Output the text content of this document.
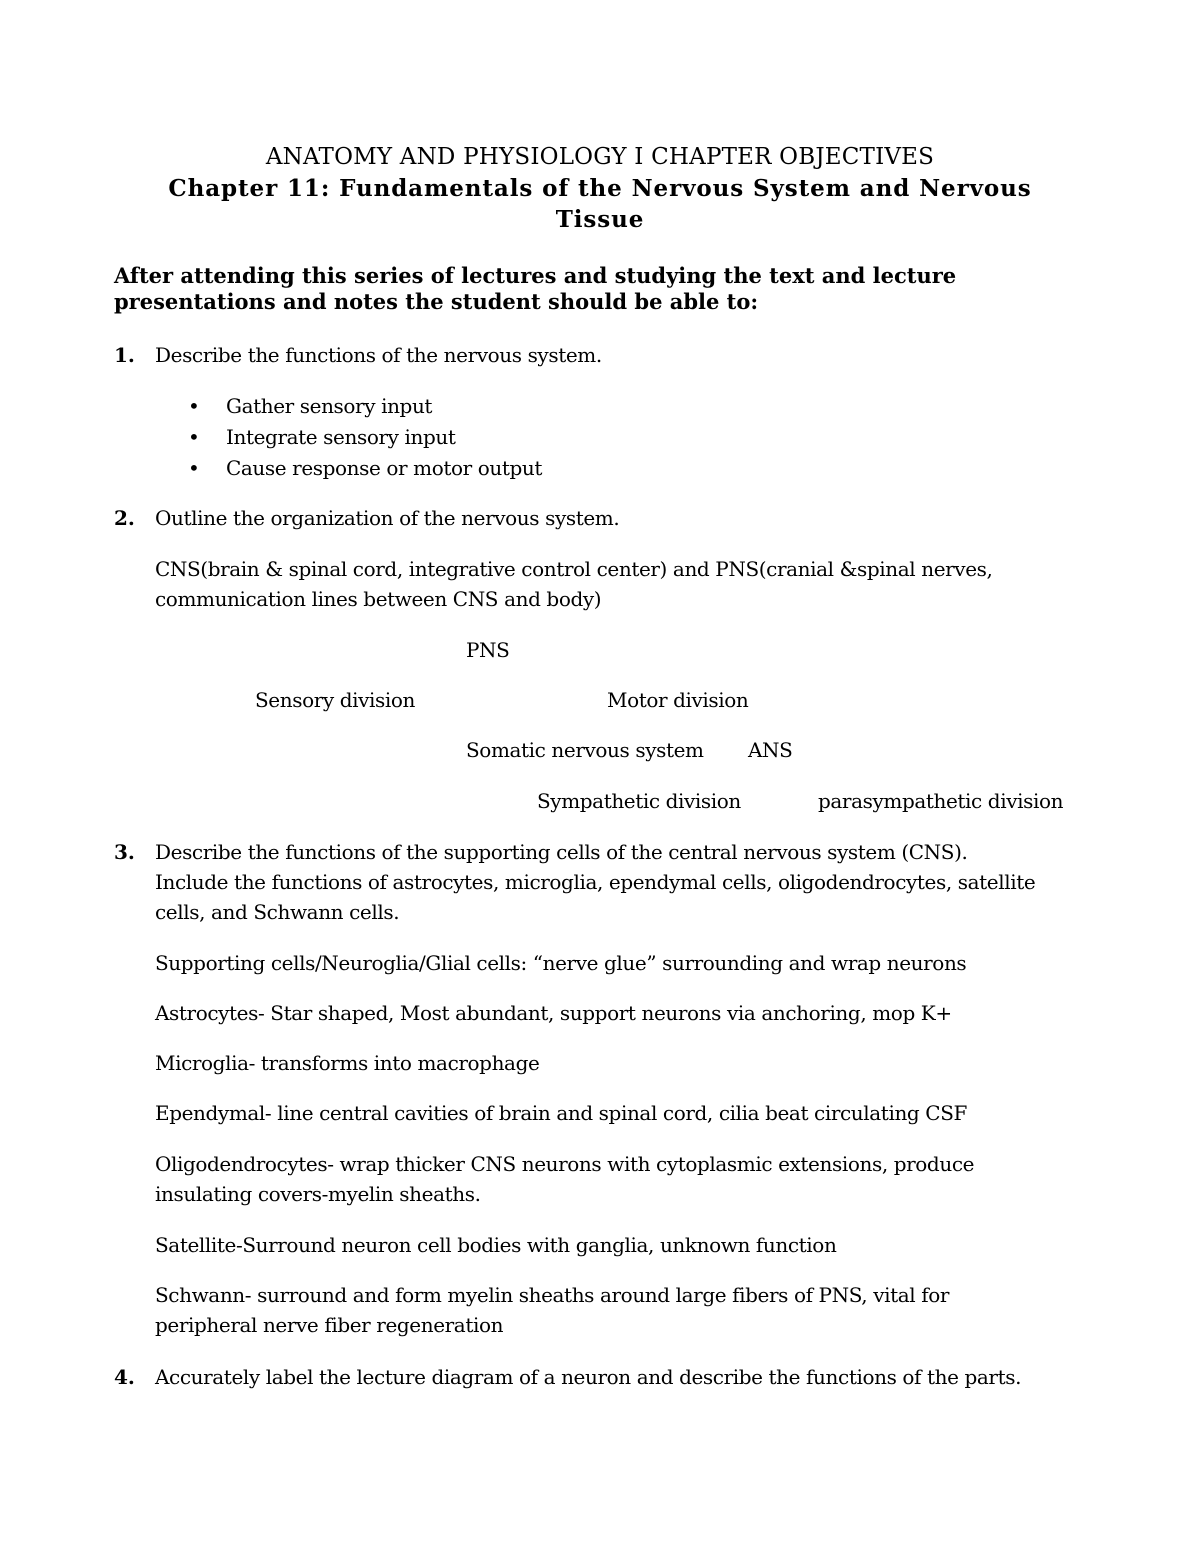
ANATOMY AND PHYSIOLOGY I CHAPTER OBJECTIVES
Chapter 11: Fundamentals of the Nervous System and Nervous
Tissue
After attending this series of lectures and studying the text and lecture
presentations and notes the student should be able to:
1. Describe the functions of the nervous system.
• Gather sensory input
• Integrate sensory input
• Cause response or motor output
2. Outline the organization of the nervous system.
CNS(brain & spinal cord, integrative control center) and PNS(cranial &spinal nerves,
communication lines between CNS and body)
PNS
Sensory division	Motor division
Somatic nervous system ANS
Sympathetic division	parasympathetic division
3. Describe the functions of the supporting cells of the central nervous system (CNS).
Include the functions of astrocytes, microglia, ependymal cells, oligodendrocytes, satellite
cells, and Schwann cells.
Supporting cells/Neuroglia/Glial cells: “nerve glue” surrounding and wrap neurons
Astrocytes- Star shaped, Most abundant, support neurons via anchoring, mop K+
Microglia- transforms into macrophage
Ependymal- line central cavities of brain and spinal cord, cilia beat circulating CSF
Oligodendrocytes- wrap thicker CNS neurons with cytoplasmic extensions, produce
insulating covers-myelin sheaths.
Satellite-Surround neuron cell bodies with ganglia, unknown function
Schwann- surround and form myelin sheaths around large fibers of PNS, vital for
peripheral nerve fiber regeneration
4. Accurately label the lecture diagram of a neuron and describe the functions of the parts.
